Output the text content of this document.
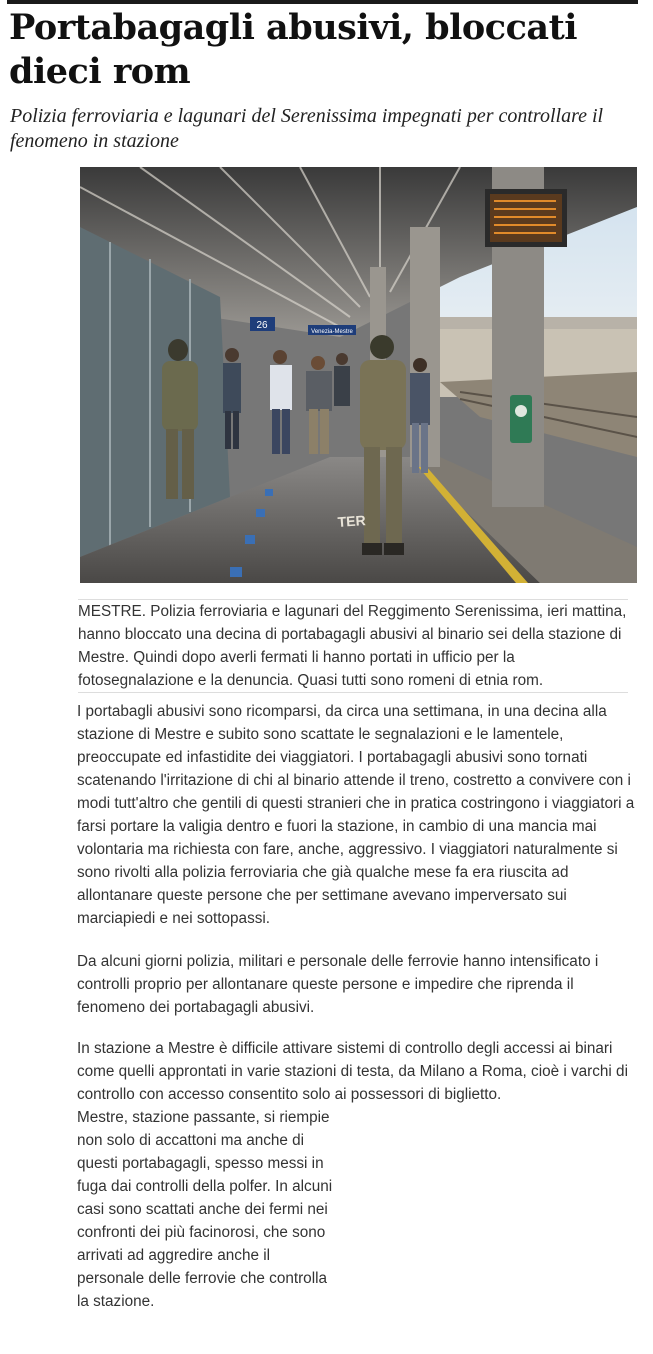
Portabagagli abusivi, bloccati dieci rom

Polizia ferroviaria e lagunari del Serenissima impegnati per controllare il fenomeno in stazione

26
Venezia-Mestre
TER
MESTRE. Polizia ferroviaria e lagunari del Reggimento Serenissima, ieri mattina, hanno bloccato una decina di portabagagli abusivi al binario sei della stazione di Mestre. Quindi dopo averli fermati li hanno portati in ufficio per la fotosegnalazione e la denuncia. Quasi tutti sono romeni di etnia rom.

I portabagli abusivi sono ricomparsi, da circa una settimana, in una decina alla stazione di Mestre e subito sono scattate le segnalazioni e le lamentele, preoccupate ed infastidite dei viaggiatori. I portabagagli abusivi sono tornati scatenando l'irritazione di chi al binario attende il treno, costretto a convivere con i modi tutt'altro che gentili di questi stranieri che in pratica costringono i viaggiatori a farsi portare la valigia dentro e fuori la stazione, in cambio di una mancia mai volontaria ma richiesta con fare, anche, aggressivo. I viaggiatori naturalmente si sono rivolti alla polizia ferroviaria che già qualche mese fa era riuscita ad allontanare queste persone che per settimane avevano imperversato sui marciapiedi e nei sottopassi.

Da alcuni giorni polizia, militari e personale delle ferrovie hanno intensificato i controlli proprio per allontanare queste persone e impedire che riprenda il fenomeno dei portabagagli abusivi.

In stazione a Mestre è difficile attivare sistemi di controllo degli accessi ai binari come quelli approntati in varie stazioni di testa, da Milano a Roma, cioè i varchi di controllo con accesso consentito solo ai possessori di biglietto.

Mestre, stazione passante, si riempie non solo di accattoni ma anche di questi portabagagli, spesso messi in fuga dai controlli della polfer. In alcuni casi sono scattati anche dei fermi nei confronti dei più facinorosi, che sono arrivati ad aggredire anche il personale delle ferrovie che controlla la stazione.
